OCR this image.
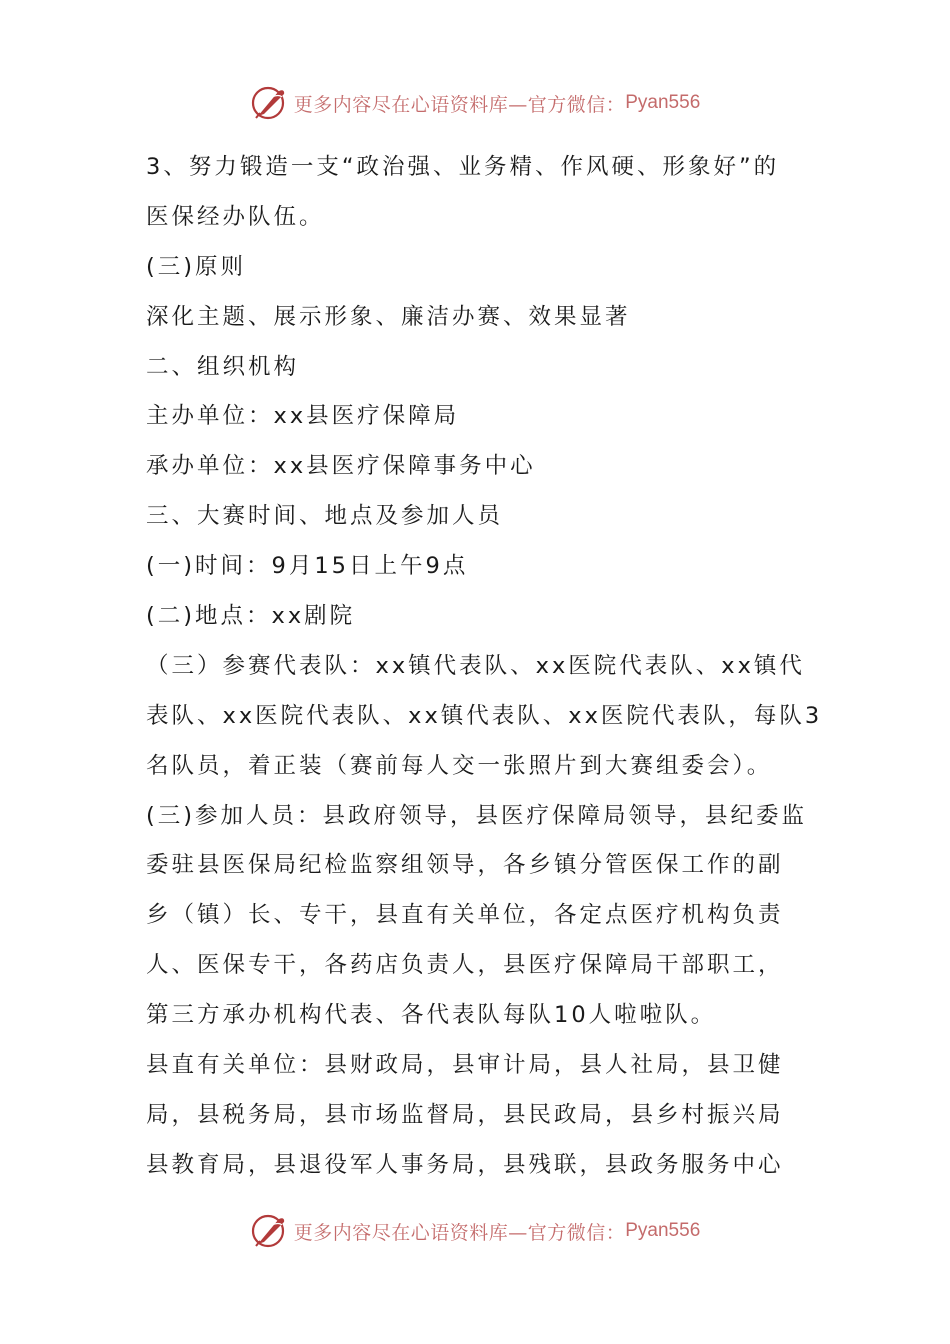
更多内容尽在心语资料库—官方微信： Pyan556
3、努力锻造一支“政治强、业务精、作风硬、形象好”的
医保经办队伍。
(三)原则
深化主题、展示形象、廉洁办赛、效果显著
二、组织机构
主办单位：xx县医疗保障局
承办单位：xx县医疗保障事务中心
三、大赛时间、地点及参加人员
(一)时间：9月15日上午9点
(二)地点：xx剧院
（三）参赛代表队：xx镇代表队、xx医院代表队、xx镇代
表队、xx医院代表队、xx镇代表队、xx医院代表队，每队3
名队员，着正装（赛前每人交一张照片到大赛组委会）。
(三)参加人员：县政府领导，县医疗保障局领导，县纪委监
委驻县医保局纪检监察组领导，各乡镇分管医保工作的副
乡（镇）长、专干，县直有关单位，各定点医疗机构负责
人、医保专干，各药店负责人，县医疗保障局干部职工，
第三方承办机构代表、各代表队每队10人啦啦队。
县直有关单位：县财政局，县审计局，县人社局，县卫健
局，县税务局，县市场监督局，县民政局，县乡村振兴局
县教育局，县退役军人事务局，县残联，县政务服务中心
更多内容尽在心语资料库—官方微信： Pyan556
